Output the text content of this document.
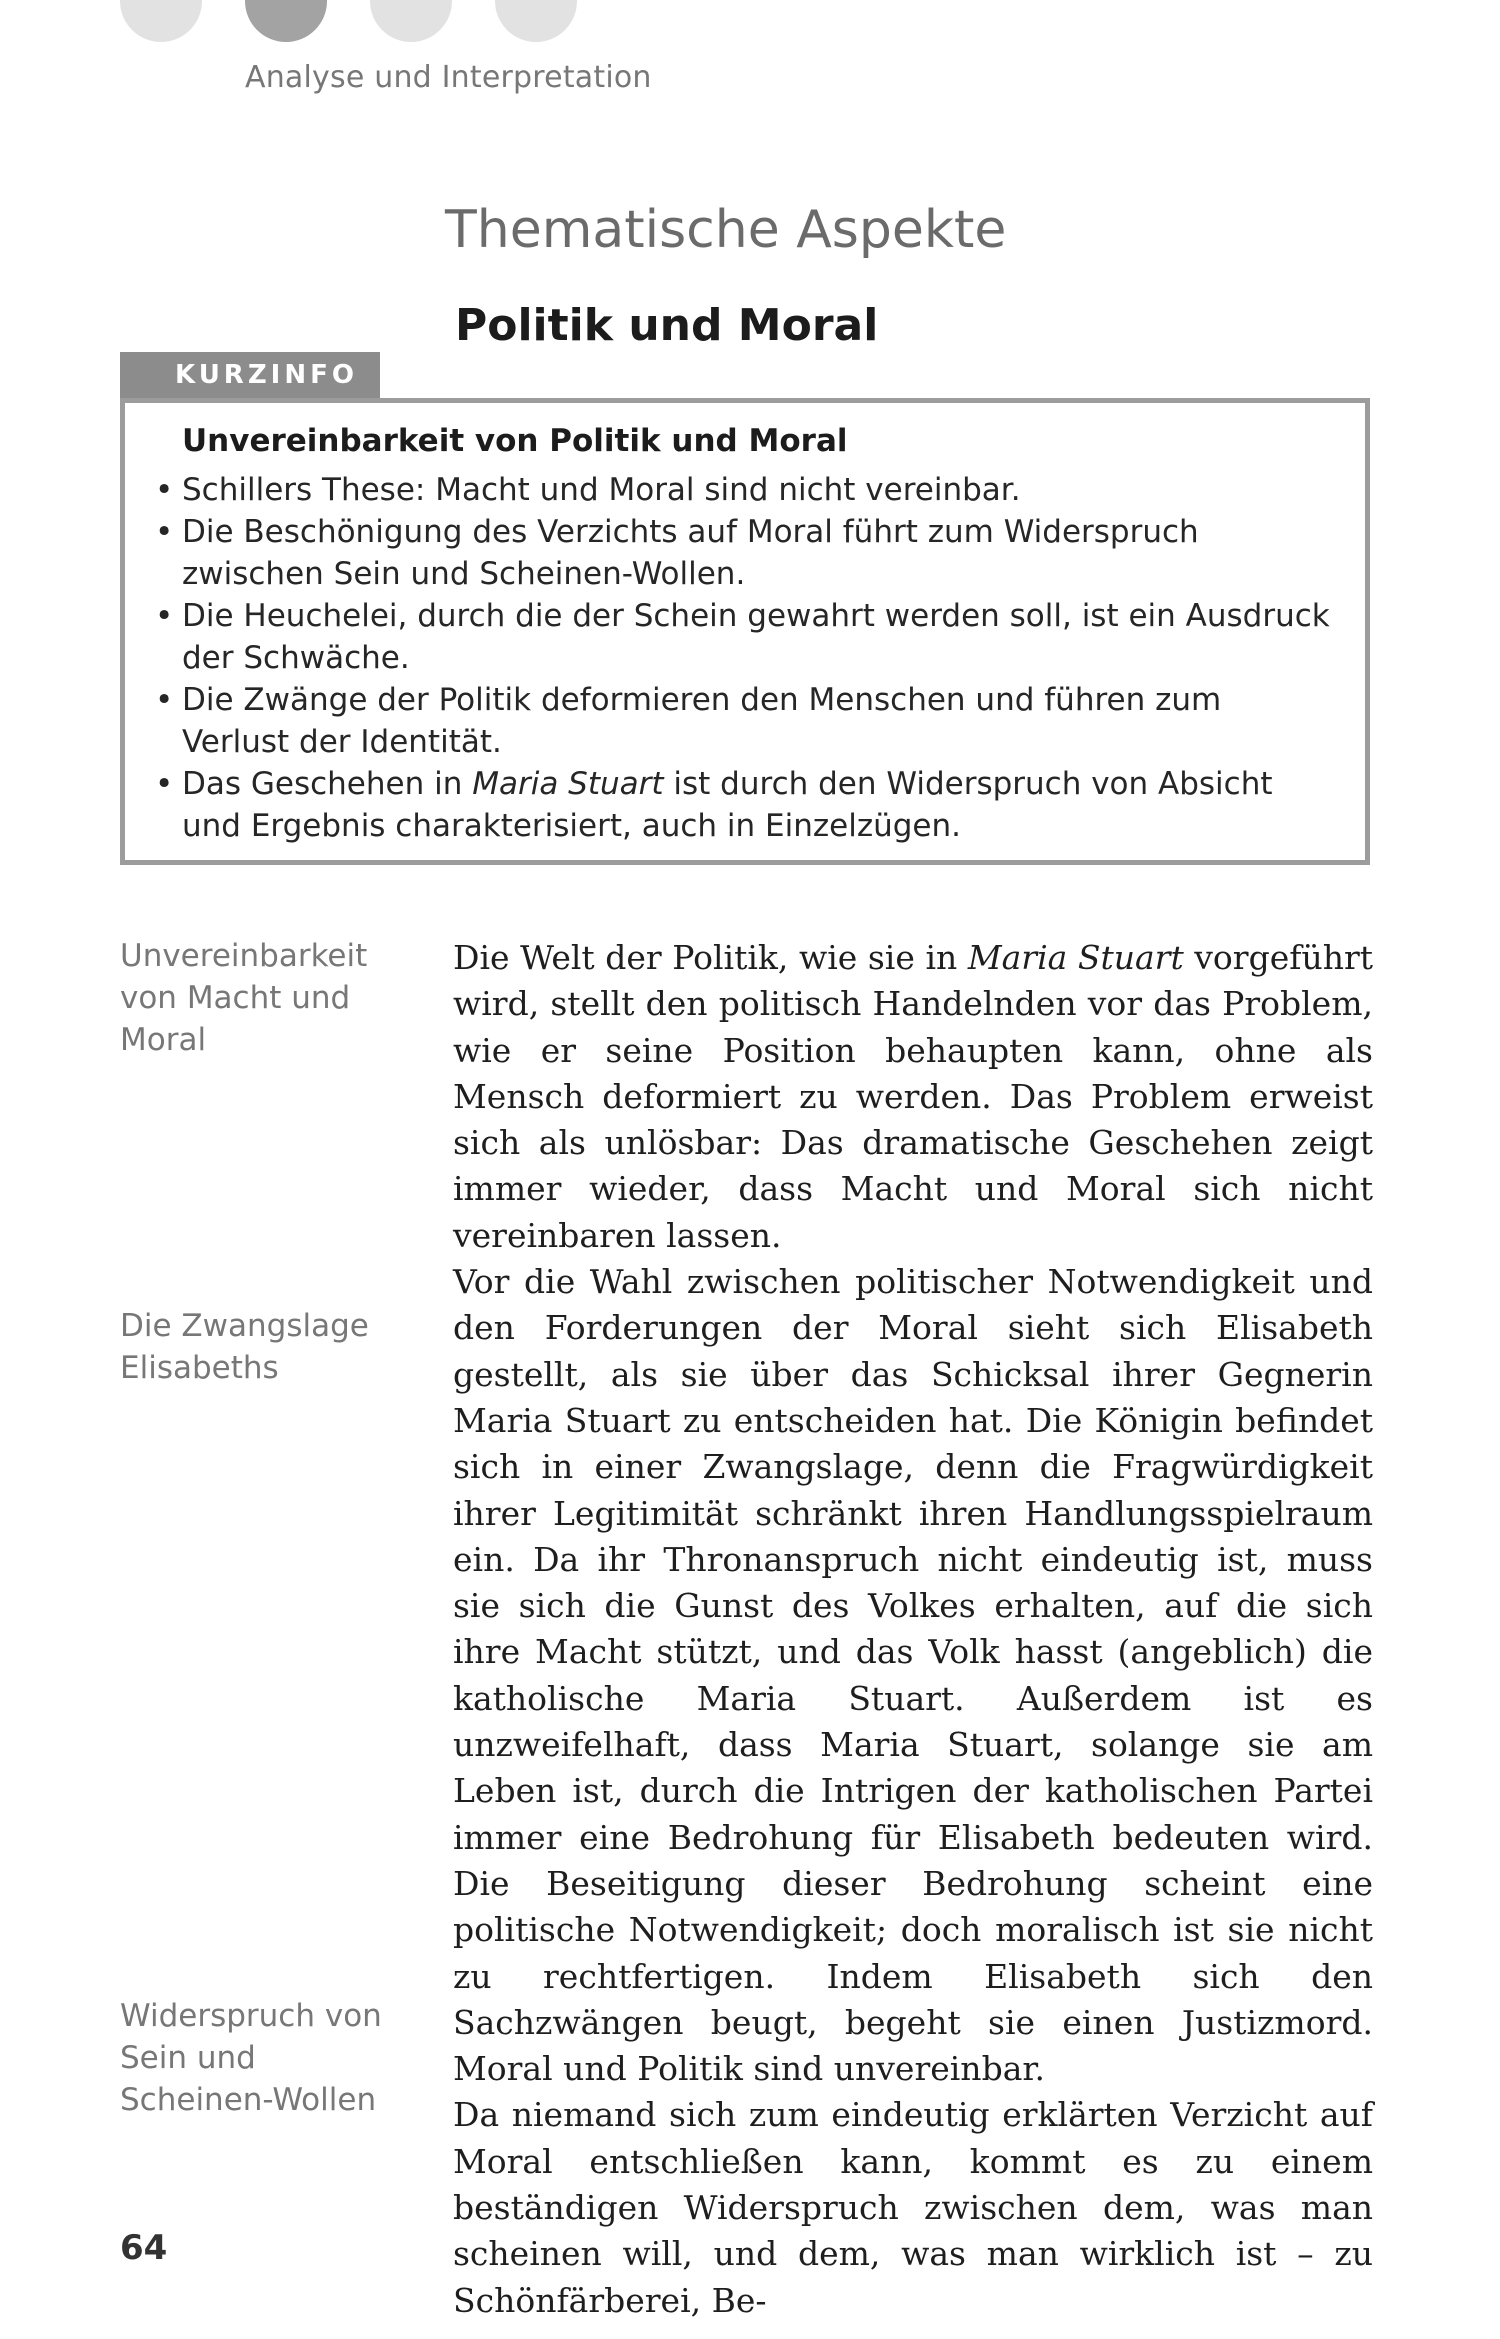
Analyse und Interpretation
Thematische Aspekte
Politik und Moral
KURZINFO
Unvereinbarkeit von Politik und Moral
• Schillers These: Macht und Moral sind nicht vereinbar.
• Die Beschönigung des Verzichts auf Moral führt zum Widerspruch zwischen Sein und Scheinen-Wollen.
• Die Heuchelei, durch die der Schein gewahrt werden soll, ist ein Ausdruck der Schwäche.
• Die Zwänge der Politik deformieren den Menschen und führen zum Verlust der Identität.
• Das Geschehen in Maria Stuart ist durch den Widerspruch von Absicht und Ergebnis charakterisiert, auch in Einzelzügen.
Unvereinbarkeit von Macht und Moral
Die Zwangslage Elisabeths
Widerspruch von Sein und Scheinen-Wollen

Die Welt der Politik, wie sie in Maria Stuart vorgeführt wird, stellt den politisch Handelnden vor das Problem, wie er seine Position behaupten kann, ohne als Mensch deformiert zu werden. Das Problem erweist sich als unlösbar: Das dramatische Geschehen zeigt immer wieder, dass Macht und Moral sich nicht vereinbaren lassen.

Vor die Wahl zwischen politischer Notwendigkeit und den Forderungen der Moral sieht sich Elisabeth gestellt, als sie über das Schicksal ihrer Gegnerin Maria Stuart zu entscheiden hat. Die Königin befindet sich in einer Zwangslage, denn die Fragwürdigkeit ihrer Legitimität schränkt ihren Handlungsspielraum ein. Da ihr Thronanspruch nicht eindeutig ist, muss sie sich die Gunst des Volkes erhalten, auf die sich ihre Macht stützt, und das Volk hasst (angeblich) die katholische Maria Stuart. Außerdem ist es unzweifelhaft, dass Maria Stuart, solange sie am Leben ist, durch die Intrigen der katholischen Partei immer eine Bedrohung für Elisabeth bedeuten wird. Die Beseitigung dieser Bedrohung scheint eine politische Notwendigkeit; doch moralisch ist sie nicht zu rechtfertigen. Indem Elisabeth sich den Sachzwängen beugt, begeht sie einen Justizmord. Moral und Politik sind unvereinbar.

Da niemand sich zum eindeutig erklärten Verzicht auf Moral entschließen kann, kommt es zu einem beständigen Widerspruch zwischen dem, was man scheinen will, und dem, was man wirklich ist – zu Schönfärberei, Be-

64
